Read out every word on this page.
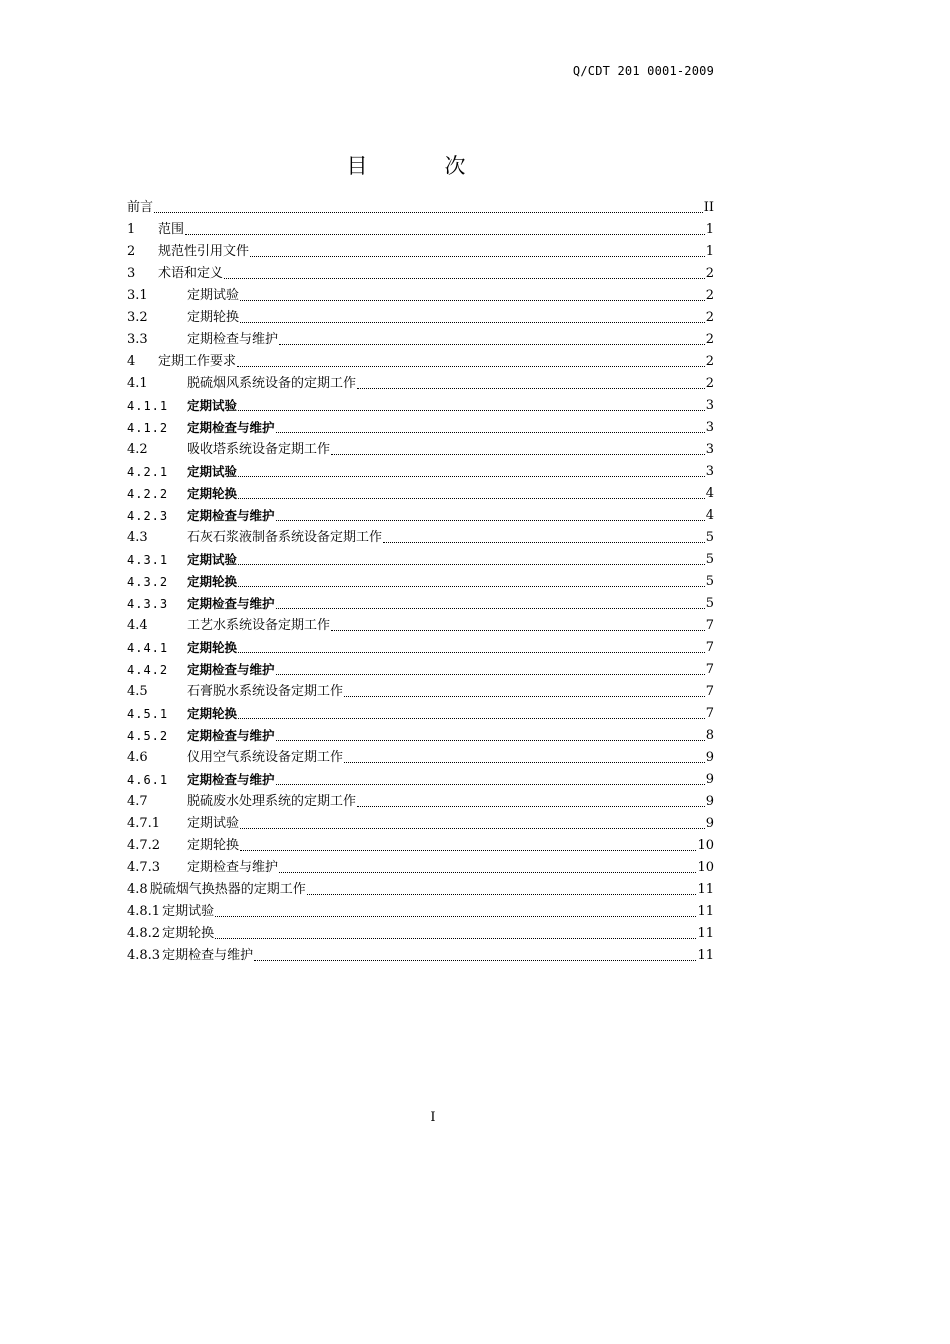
Q/CDT 201 0001-2009
目　次
前言	II
1	范围	1
2	规范性引用文件	1
3	术语和定义	2
3.1	定期试验	2
3.2	定期轮换	2
3.3	定期检查与维护	2
4	定期工作要求	2
4.1	脱硫烟风系统设备的定期工作	2
4.1.1	定期试验	3
4.1.2	定期检查与维护	3
4.2	吸收塔系统设备定期工作	3
4.2.1	定期试验	3
4.2.2	定期轮换	4
4.2.3	定期检查与维护	4
4.3	石灰石浆液制备系统设备定期工作	5
4.3.1	定期试验	5
4.3.2	定期轮换	5
4.3.3	定期检查与维护	5
4.4	工艺水系统设备定期工作	7
4.4.1	定期轮换	7
4.4.2	定期检查与维护	7
4.5	石膏脱水系统设备定期工作	7
4.5.1	定期轮换	7
4.5.2	定期检查与维护	8
4.6	仪用空气系统设备定期工作	9
4.6.1	定期检查与维护	9
4.7	脱硫废水处理系统的定期工作	9
4.7.1	定期试验	9
4.7.2	定期轮换	10
4.7.3	定期检查与维护	10
4.8 脱硫烟气换热器的定期工作	11
4.8.1 定期试验	11
4.8.2 定期轮换	11
4.8.3 定期检查与维护	11
I
